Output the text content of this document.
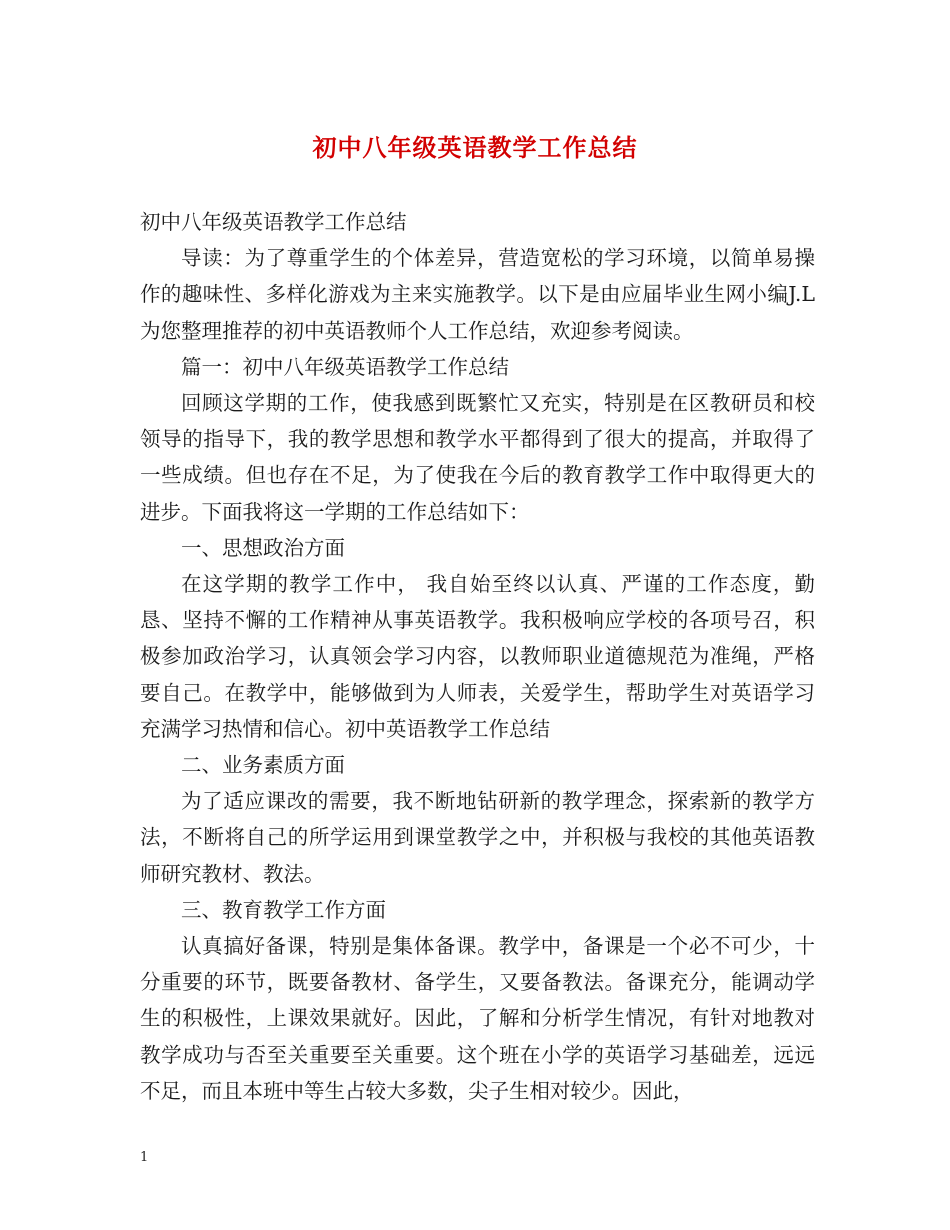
初中八年级英语教学工作总结

初中八年级英语教学工作总结

导读：为了尊重学生的个体差异，营造宽松的学习环境，以简单易操作的趣味性、多样化游戏为主来实施教学。以下是由应届毕业生网小编J.L为您整理推荐的初中英语教师个人工作总结，欢迎参考阅读。

篇一：初中八年级英语教学工作总结

回顾这学期的工作，使我感到既繁忙又充实，特别是在区教研员和校领导的指导下，我的教学思想和教学水平都得到了很大的提高，并取得了一些成绩。但也存在不足，为了使我在今后的教育教学工作中取得更大的进步。下面我将这一学期的工作总结如下：

一、思想政治方面

在这学期的教学工作中， 我自始至终以认真、严谨的工作态度，勤恳、坚持不懈的工作精神从事英语教学。我积极响应学校的各项号召，积极参加政治学习，认真领会学习内容，以教师职业道德规范为准绳，严格要自己。在教学中，能够做到为人师表，关爱学生，帮助学生对英语学习充满学习热情和信心。初中英语教学工作总结

二、业务素质方面

为了适应课改的需要，我不断地钻研新的教学理念，探索新的教学方法，不断将自己的所学运用到课堂教学之中，并积极与我校的其他英语教师研究教材、教法。

三、教育教学工作方面

认真搞好备课，特别是集体备课。教学中，备课是一个必不可少，十分重要的环节，既要备教材、备学生，又要备教法。备课充分，能调动学生的积极性，上课效果就好。因此，了解和分析学生情况，有针对地教对教学成功与否至关重要至关重要。这个班在小学的英语学习基础差，远远不足，而且本班中等生占较大多数，尖子生相对较少。因此，

1
